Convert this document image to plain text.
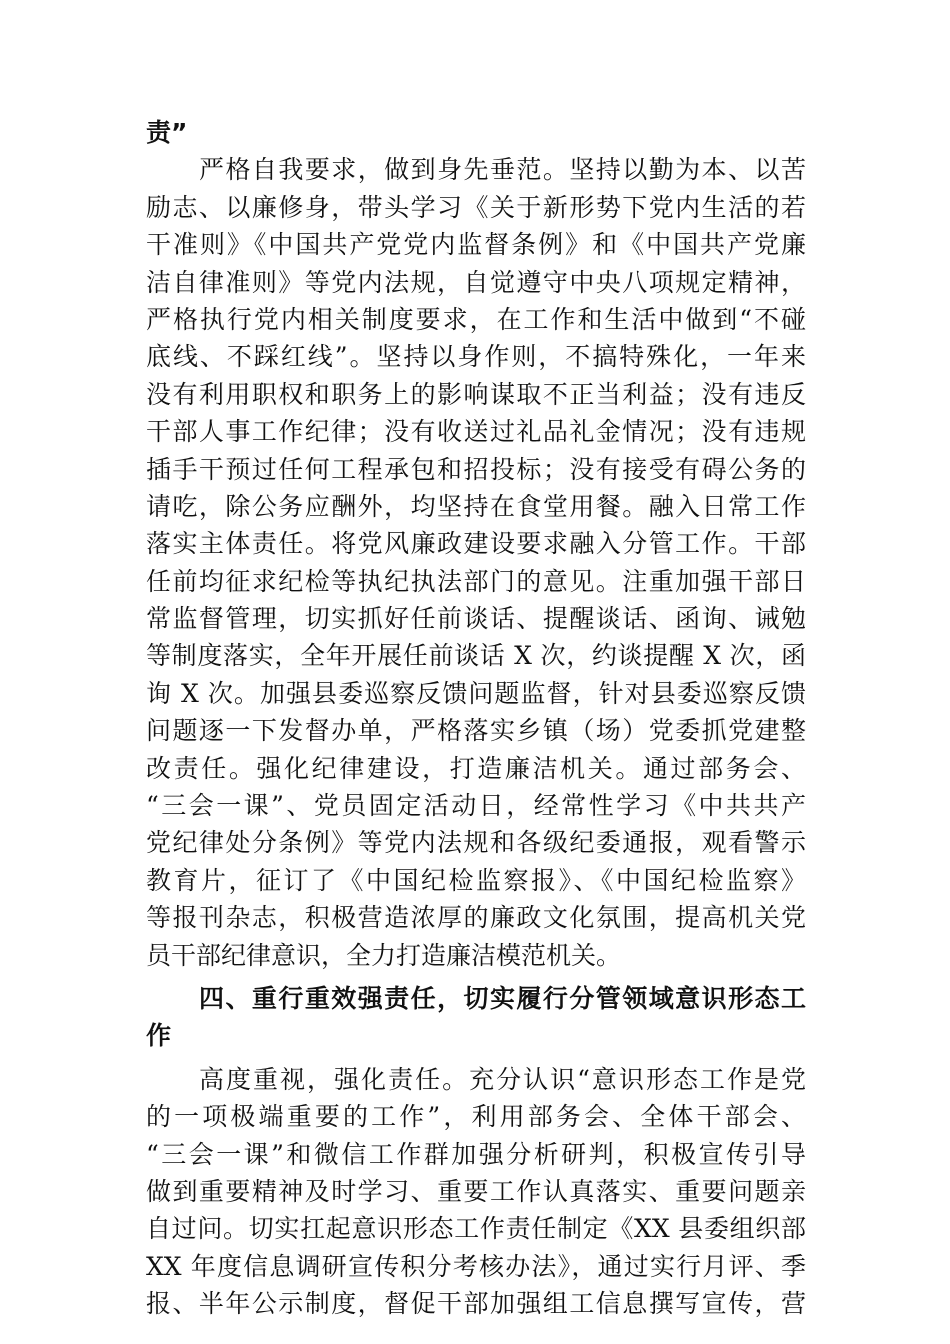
责”
严格自我要求，做到身先垂范。坚持以勤为本、以苦
励志、以廉修身，带头学习《关于新形势下党内生活的若
干准则》《中国共产党党内监督条例》和《中国共产党廉
洁自律准则》等党内法规，自觉遵守中央八项规定精神，
严格执行党内相关制度要求，在工作和生活中做到“不碰
底线、不踩红线”。坚持以身作则，不搞特殊化，一年来
没有利用职权和职务上的影响谋取不正当利益；没有违反
干部人事工作纪律；没有收送过礼品礼金情况；没有违规
插手干预过任何工程承包和招投标；没有接受有碍公务的
请吃，除公务应酬外，均坚持在食堂用餐。融入日常工作
落实主体责任。将党风廉政建设要求融入分管工作。干部
任前均征求纪检等执纪执法部门的意见。注重加强干部日
常监督管理，切实抓好任前谈话、提醒谈话、函询、诫勉
等制度落实，全年开展任前谈话 X 次，约谈提醒 X 次，函
询 X 次。加强县委巡察反馈问题监督，针对县委巡察反馈
问题逐一下发督办单，严格落实乡镇（场）党委抓党建整
改责任。强化纪律建设，打造廉洁机关。通过部务会、
“三会一课”、党员固定活动日，经常性学习《中共共产
党纪律处分条例》等党内法规和各级纪委通报，观看警示
教育片，征订了《中国纪检监察报》、《中国纪检监察》
等报刊杂志，积极营造浓厚的廉政文化氛围，提高机关党
员干部纪律意识，全力打造廉洁模范机关。
四、重行重效强责任，切实履行分管领域意识形态工
作
高度重视，强化责任。充分认识“意识形态工作是党
的一项极端重要的工作”，利用部务会、全体干部会、
“三会一课”和微信工作群加强分析研判，积极宣传引导
做到重要精神及时学习、重要工作认真落实、重要问题亲
自过问。切实扛起意识形态工作责任制定《XX 县委组织部
XX 年度信息调研宣传积分考核办法》，通过实行月评、季
报、半年公示制度，督促干部加强组工信息撰写宣传，营
